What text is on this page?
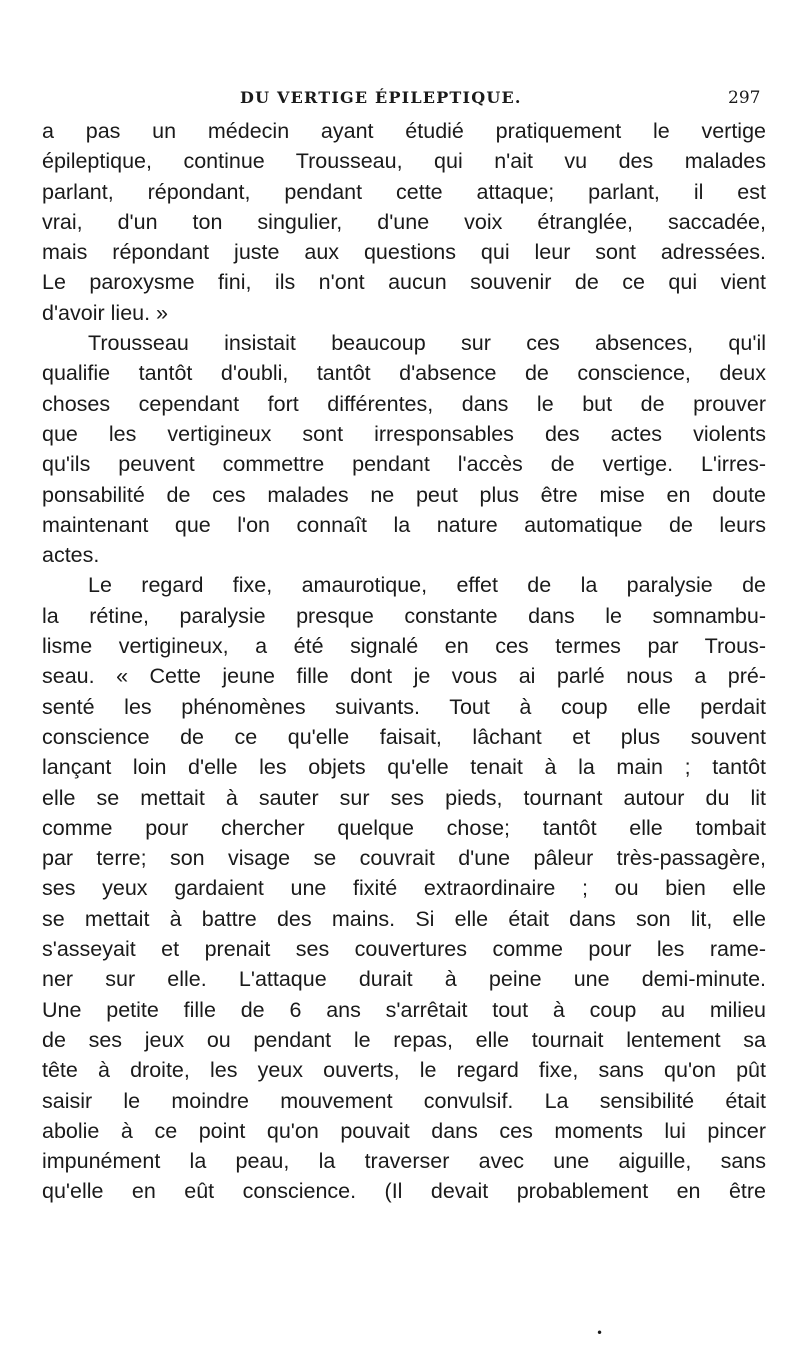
DU VERTIGE ÉPILEPTIQUE.	297
a pas un médecin ayant étudié pratiquement le vertige
épileptique, continue Trousseau, qui n'ait vu des malades
parlant, répondant, pendant cette attaque; parlant, il est
vrai, d'un ton singulier, d'une voix étranglée, saccadée,
mais répondant juste aux questions qui leur sont adressées.
Le paroxysme fini, ils n'ont aucun souvenir de ce qui vient
d'avoir lieu. »
Trousseau insistait beaucoup sur ces absences, qu'il
qualifie tantôt d'oubli, tantôt d'absence de conscience, deux
choses cependant fort différentes, dans le but de prouver
que les vertigineux sont irresponsables des actes violents
qu'ils peuvent commettre pendant l'accès de vertige. L'irres-
ponsabilité de ces malades ne peut plus être mise en doute
maintenant que l'on connaît la nature automatique de leurs
actes.
Le regard fixe, amaurotique, effet de la paralysie de
la rétine, paralysie presque constante dans le somnambu-
lisme vertigineux, a été signalé en ces termes par Trous-
seau. « Cette jeune fille dont je vous ai parlé nous a pré-
senté les phénomènes suivants. Tout à coup elle perdait
conscience de ce qu'elle faisait, lâchant et plus souvent
lançant loin d'elle les objets qu'elle tenait à la main ; tantôt
elle se mettait à sauter sur ses pieds, tournant autour du lit
comme pour chercher quelque chose; tantôt elle tombait
par terre; son visage se couvrait d'une pâleur très-passagère,
ses yeux gardaient une fixité extraordinaire ; ou bien elle
se mettait à battre des mains. Si elle était dans son lit, elle
s'asseyait et prenait ses couvertures comme pour les rame-
ner sur elle. L'attaque durait à peine une demi-minute.
Une petite fille de 6 ans s'arrêtait tout à coup au milieu
de ses jeux ou pendant le repas, elle tournait lentement sa
tête à droite, les yeux ouverts, le regard fixe, sans qu'on pût
saisir le moindre mouvement convulsif. La sensibilité était
abolie à ce point qu'on pouvait dans ces moments lui pincer
impunément la peau, la traverser avec une aiguille, sans
qu'elle en eût conscience. (Il devait probablement en être
•
